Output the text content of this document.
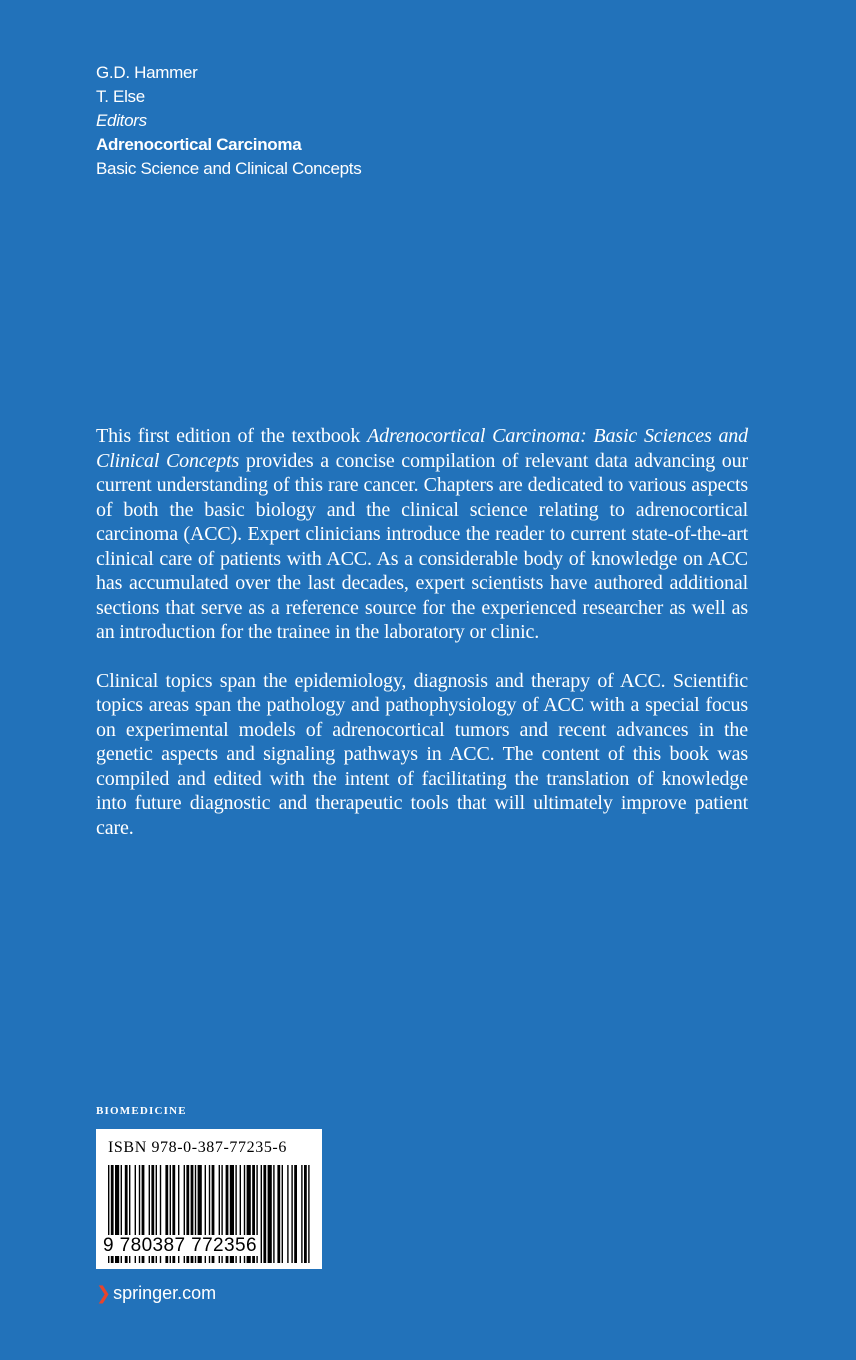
G.D. Hammer
T. Else
Editors
Adrenocortical Carcinoma
Basic Science and Clinical Concepts

This first edition of the textbook Adrenocortical Carcinoma: Basic Sciences and Clinical Concepts provides a concise compilation of relevant data advancing our current understanding of this rare cancer. Chapters are dedicated to various aspects of both the basic biology and the clinical science relating to adrenocortical carcinoma (ACC). Expert clinicians introduce the reader to current state-of-the-art clinical care of patients with ACC. As a considerable body of knowledge on ACC has accumulated over the last decades, expert scientists have authored additional sections that serve as a reference source for the experienced researcher as well as an introduction for the trainee in the laboratory or clinic.

Clinical topics span the epidemiology, diagnosis and therapy of ACC. Scientific topics areas span the pathology and pathophysiology of ACC with a special focus on experimental models of adrenocortical tumors and recent advances in the genetic aspects and signaling pathways in ACC. The content of this book was compiled and edited with the intent of facilitating the translation of knowledge into future diagnostic and therapeutic tools that will ultimately improve patient care.

BIOMEDICINE
ISBN 978-0-387-77235-6
9 780387 772356
❯ springer.com
